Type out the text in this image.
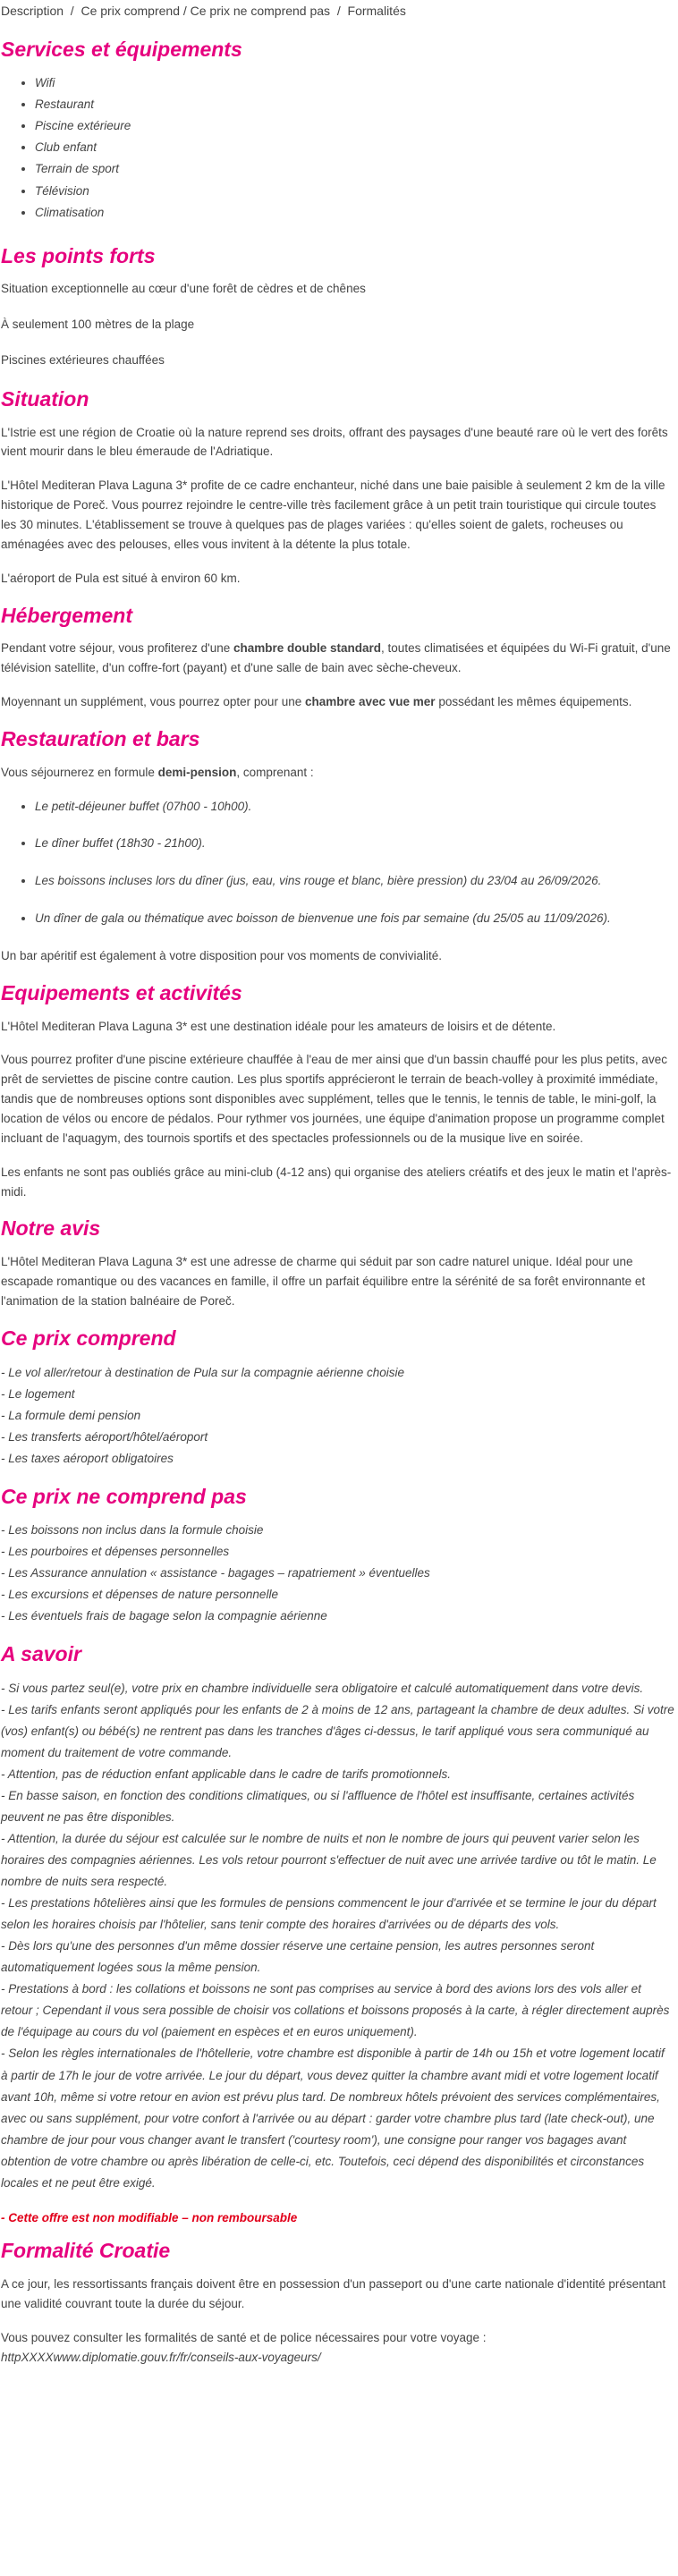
Description  /  Ce prix comprend / Ce prix ne comprend pas  /  Formalités
Services et équipements
• Wifi
• Restaurant
• Piscine extérieure
• Club enfant
• Terrain de sport
• Télévision
• Climatisation
Les points forts

Situation exceptionnelle au cœur d'une forêt de cèdres et de chênes

À seulement 100 mètres de la plage

Piscines extérieures chauffées

Situation

L'Istrie est une région de Croatie où la nature reprend ses droits, offrant des paysages d'une beauté rare où le vert des forêts vient mourir dans le bleu émeraude de l'Adriatique.

L'Hôtel Mediteran Plava Laguna 3* profite de ce cadre enchanteur, niché dans une baie paisible à seulement 2 km de la ville historique de Poreč. Vous pourrez rejoindre le centre-ville très facilement grâce à un petit train touristique qui circule toutes les 30 minutes. L'établissement se trouve à quelques pas de plages variées : qu'elles soient de galets, rocheuses ou aménagées avec des pelouses, elles vous invitent à la détente la plus totale.

L'aéroport de Pula est situé à environ 60 km.

Hébergement

Pendant votre séjour, vous profiterez d'une chambre double standard, toutes climatisées et équipées du Wi-Fi gratuit, d'une télévision satellite, d'un coffre-fort (payant) et d'une salle de bain avec sèche-cheveux.

Moyennant un supplément, vous pourrez opter pour une chambre avec vue mer possédant les mêmes équipements.

Restauration et bars

Vous séjournerez en formule demi-pension, comprenant :

• Le petit-déjeuner buffet (07h00 - 10h00).
• Le dîner buffet (18h30 - 21h00).
• Les boissons incluses lors du dîner (jus, eau, vins rouge et blanc, bière pression) du 23/04 au 26/09/2026.
• Un dîner de gala ou thématique avec boisson de bienvenue une fois par semaine (du 25/05 au 11/09/2026).

Un bar apéritif est également à votre disposition pour vos moments de convivialité.

Equipements et activités

L'Hôtel Mediteran Plava Laguna 3* est une destination idéale pour les amateurs de loisirs et de détente.

Vous pourrez profiter d'une piscine extérieure chauffée à l'eau de mer ainsi que d'un bassin chauffé pour les plus petits, avec prêt de serviettes de piscine contre caution. Les plus sportifs apprécieront le terrain de beach-volley à proximité immédiate, tandis que de nombreuses options sont disponibles avec supplément, telles que le tennis, le tennis de table, le mini-golf, la location de vélos ou encore de pédalos. Pour rythmer vos journées, une équipe d'animation propose un programme complet incluant de l'aquagym, des tournois sportifs et des spectacles professionnels ou de la musique live en soirée.

Les enfants ne sont pas oubliés grâce au mini-club (4-12 ans) qui organise des ateliers créatifs et des jeux le matin et l'après-midi.

Notre avis

L'Hôtel Mediteran Plava Laguna 3* est une adresse de charme qui séduit par son cadre naturel unique. Idéal pour une escapade romantique ou des vacances en famille, il offre un parfait équilibre entre la sérénité de sa forêt environnante et l'animation de la station balnéaire de Poreč.

Ce prix comprend
- Le vol aller/retour à destination de Pula sur la compagnie aérienne choisie
- Le logement
- La formule demi pension
- Les transferts aéroport/hôtel/aéroport
- Les taxes aéroport obligatoires
Ce prix ne comprend pas
- Les boissons non inclus dans la formule choisie
- Les pourboires et dépenses personnelles
- Les Assurance annulation « assistance - bagages – rapatriement » éventuelles
- Les excursions et dépenses de nature personnelle
- Les éventuels frais de bagage selon la compagnie aérienne
A savoir
- Si vous partez seul(e), votre prix en chambre individuelle sera obligatoire et calculé automatiquement dans votre devis.
- Les tarifs enfants seront appliqués pour les enfants de 2 à moins de 12 ans, partageant la chambre de deux adultes. Si votre (vos) enfant(s) ou bébé(s) ne rentrent pas dans les tranches d'âges ci-dessus, le tarif appliqué vous sera communiqué au moment du traitement de votre commande.
- Attention, pas de réduction enfant applicable dans le cadre de tarifs promotionnels.
- En basse saison, en fonction des conditions climatiques, ou si l'affluence de l'hôtel est insuffisante, certaines activités peuvent ne pas être disponibles.
- Attention, la durée du séjour est calculée sur le nombre de nuits et non le nombre de jours qui peuvent varier selon les horaires des compagnies aériennes. Les vols retour pourront s'effectuer de nuit avec une arrivée tardive ou tôt le matin. Le nombre de nuits sera respecté.
- Les prestations hôtelières ainsi que les formules de pensions commencent le jour d'arrivée et se termine le jour du départ selon les horaires choisis par l'hôtelier, sans tenir compte des horaires d'arrivées ou de départs des vols.
- Dès lors qu'une des personnes d'un même dossier réserve une certaine pension, les autres personnes seront automatiquement logées sous la même pension.
- Prestations à bord : les collations et boissons ne sont pas comprises au service à bord des avions lors des vols aller et retour ; Cependant il vous sera possible de choisir vos collations et boissons proposés à la carte, à régler directement auprès de l'équipage au cours du vol (paiement en espèces et en euros uniquement).
- Selon les règles internationales de l'hôtellerie, votre chambre est disponible à partir de 14h ou 15h et votre logement locatif à partir de 17h le jour de votre arrivée. Le jour du départ, vous devez quitter la chambre avant midi et votre logement locatif avant 10h, même si votre retour en avion est prévu plus tard. De nombreux hôtels prévoient des services complémentaires, avec ou sans supplément, pour votre confort à l'arrivée ou au départ : garder votre chambre plus tard (late check-out), une chambre de jour pour vous changer avant le transfert ('courtesy room'), une consigne pour ranger vos bagages avant obtention de votre chambre ou après libération de celle-ci, etc. Toutefois, ceci dépend des disponibilités et circonstances locales et ne peut être exigé.

- Cette offre est non modifiable – non remboursable

Formalité Croatie

A ce jour, les ressortissants français doivent être en possession d'un passeport ou d'une carte nationale d'identité présentant une validité couvrant toute la durée du séjour.

Vous pouvez consulter les formalités de santé et de police nécessaires pour votre voyage :

httpXXXXwww.diplomatie.gouv.fr/fr/conseils-aux-voyageurs/
